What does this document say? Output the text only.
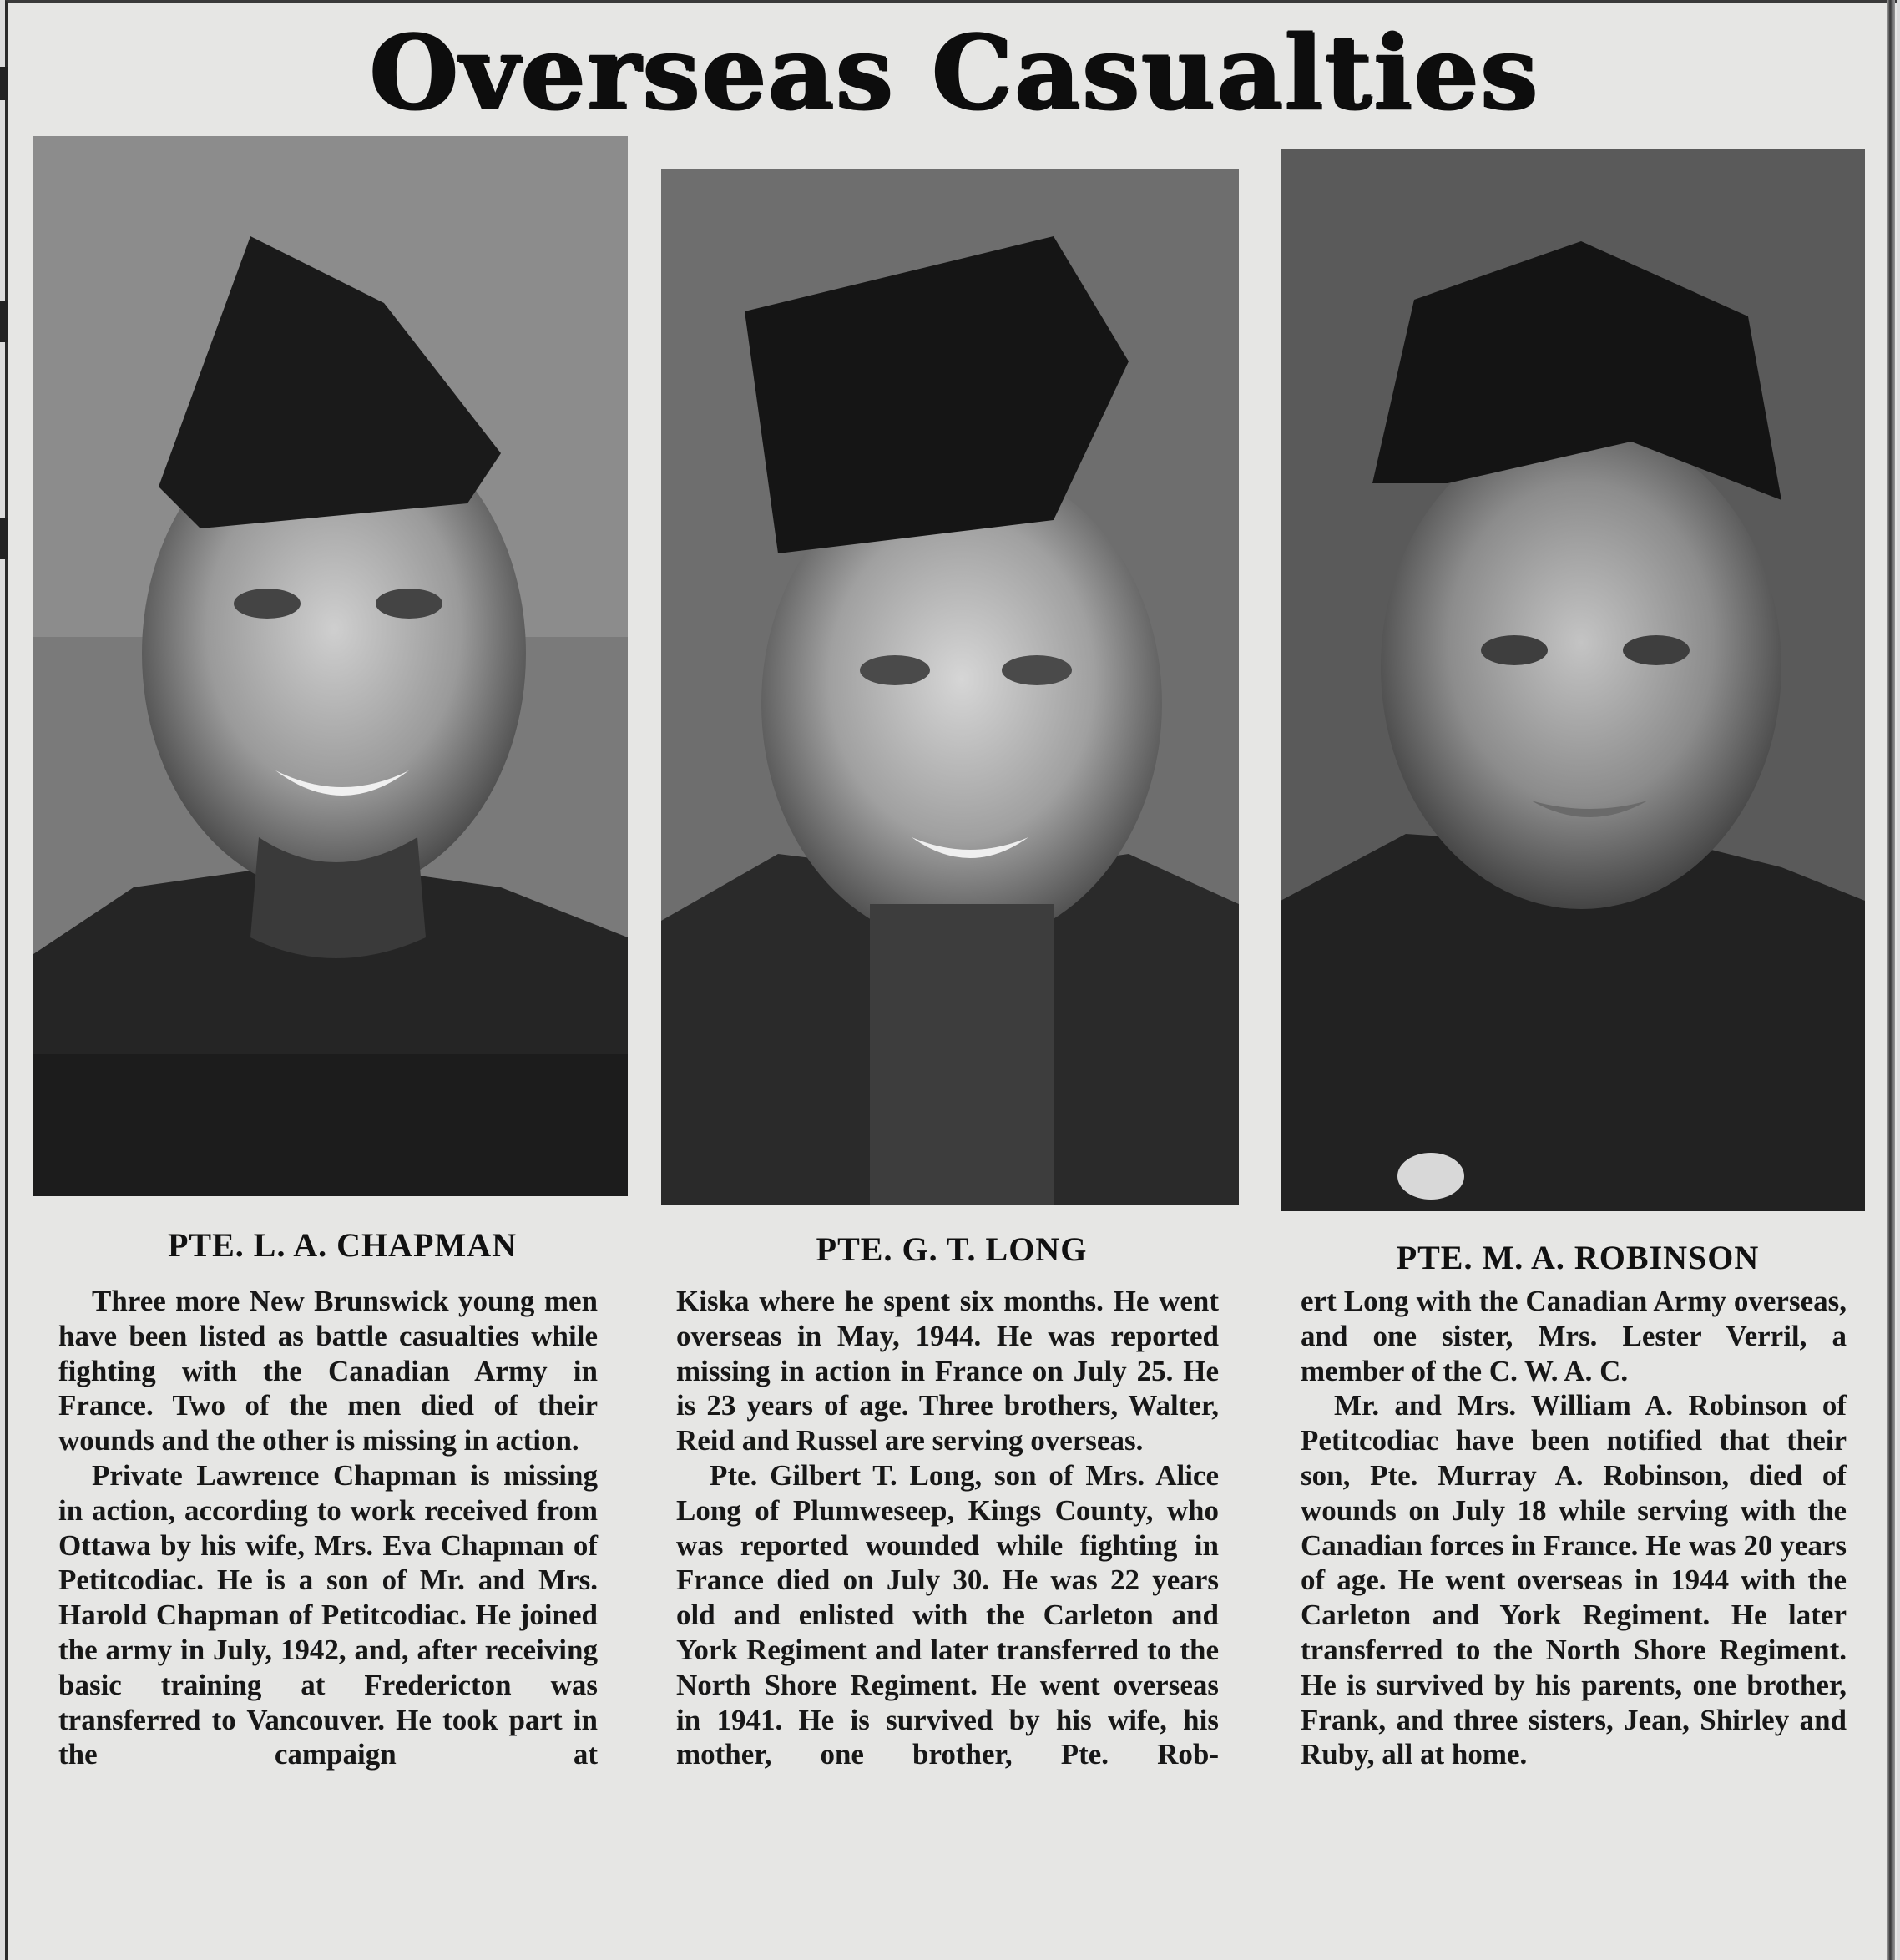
Overseas Casualties
PTE. L. A. CHAPMAN	PTE. G. T. LONG	PTE. M. A. ROBINSON

Three more New Brunswick young men have been listed as battle casualties while fighting with the Canadian Army in France. Two of the men died of their wounds and the other is missing in action.

Private Lawrence Chapman is missing in action, according to work received from Ottawa by his wife, Mrs. Eva Chapman of Petitcodiac. He is a son of Mr. and Mrs. Harold Chapman of Petitcodiac. He joined the army in July, 1942, and, after receiving basic training at Fredericton was transferred to Vancouver. He took part in the campaign at

Kiska where he spent six months. He went overseas in May, 1944. He was reported missing in action in France on July 25. He is 23 years of age. Three brothers, Walter, Reid and Russel are serving overseas.

Pte. Gilbert T. Long, son of Mrs. Alice Long of Plumweseep, Kings County, who was reported wounded while fighting in France died on July 30. He was 22 years old and enlisted with the Carleton and York Regiment and later transferred to the North Shore Regiment. He went overseas in 1941. He is survived by his wife, his mother, one brother, Pte. Rob-

ert Long with the Canadian Army overseas, and one sister, Mrs. Lester Verril, a member of the C. W. A. C.

Mr. and Mrs. William A. Robinson of Petitcodiac have been notified that their son, Pte. Murray A. Robinson, died of wounds on July 18 while serving with the Canadian forces in France. He was 20 years of age. He went overseas in 1944 with the Carleton and York Regiment. He later transferred to the North Shore Regiment. He is survived by his parents, one brother, Frank, and three sisters, Jean, Shirley and Ruby, all at home.
